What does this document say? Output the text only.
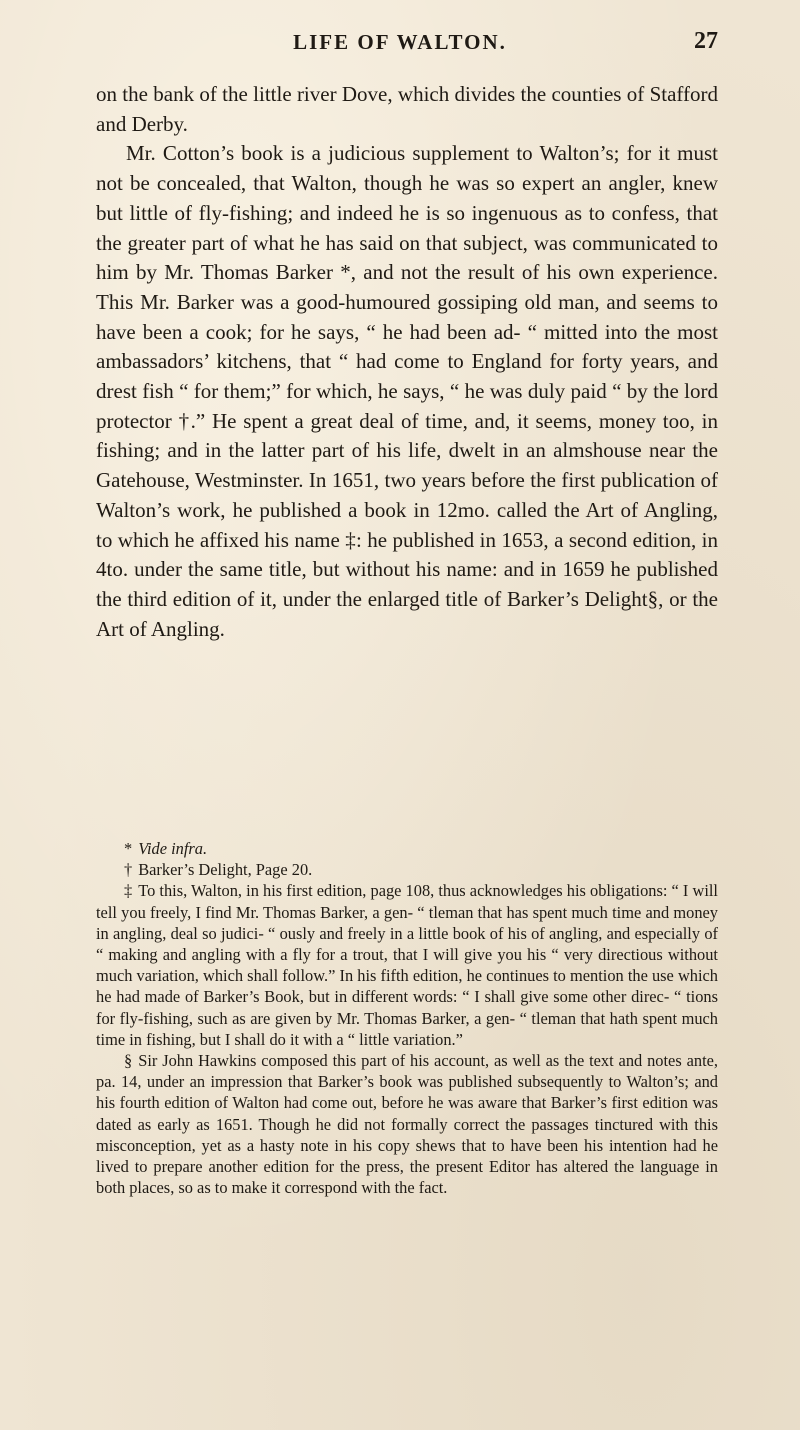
LIFE OF WALTON.	27

on the bank of the little river Dove, which divides the counties of Stafford and Derby.

Mr. Cotton’s book is a judicious supplement to Walton’s; for it must not be concealed, that Walton, though he was so expert an angler, knew but little of fly-fishing; and indeed he is so ingenuous as to confess, that the greater part of what he has said on that subject, was communicated to him by Mr. Thomas Barker *, and not the result of his own experience. This Mr. Barker was a good-humoured gossiping old man, and seems to have been a cook; for he says, “ he had been ad- “ mitted into the most ambassadors’ kitchens, that “ had come to England for forty years, and drest fish “ for them;” for which, he says, “ he was duly paid “ by the lord protector †.” He spent a great deal of time, and, it seems, money too, in fishing; and in the latter part of his life, dwelt in an almshouse near the Gatehouse, Westminster. In 1651, two years before the first publication of Walton’s work, he published a book in 12mo. called the Art of Angling, to which he affixed his name ‡: he published in 1653, a second edition, in 4to. under the same title, but without his name: and in 1659 he published the third edition of it, under the enlarged title of Barker’s Delight§, or the Art of Angling.

* Vide infra.

† Barker’s Delight, Page 20.

‡ To this, Walton, in his first edition, page 108, thus acknowledges his obligations: “ I will tell you freely, I find Mr. Thomas Barker, a gen- “ tleman that has spent much time and money in angling, deal so judici- “ ously and freely in a little book of his of angling, and especially of “ making and angling with a fly for a trout, that I will give you his “ very directious without much variation, which shall follow.” In his fifth edition, he continues to mention the use which he had made of Barker’s Book, but in different words: “ I shall give some other direc- “ tions for fly-fishing, such as are given by Mr. Thomas Barker, a gen- “ tleman that hath spent much time in fishing, but I shall do it with a “ little variation.”

§ Sir John Hawkins composed this part of his account, as well as the text and notes ante, pa. 14, under an impression that Barker’s book was published subsequently to Walton’s; and his fourth edition of Walton had come out, before he was aware that Barker’s first edition was dated as early as 1651. Though he did not formally correct the passages tinctured with this misconception, yet as a hasty note in his copy shews that to have been his intention had he lived to prepare another edition for the press, the present Editor has altered the language in both places, so as to make it correspond with the fact.
